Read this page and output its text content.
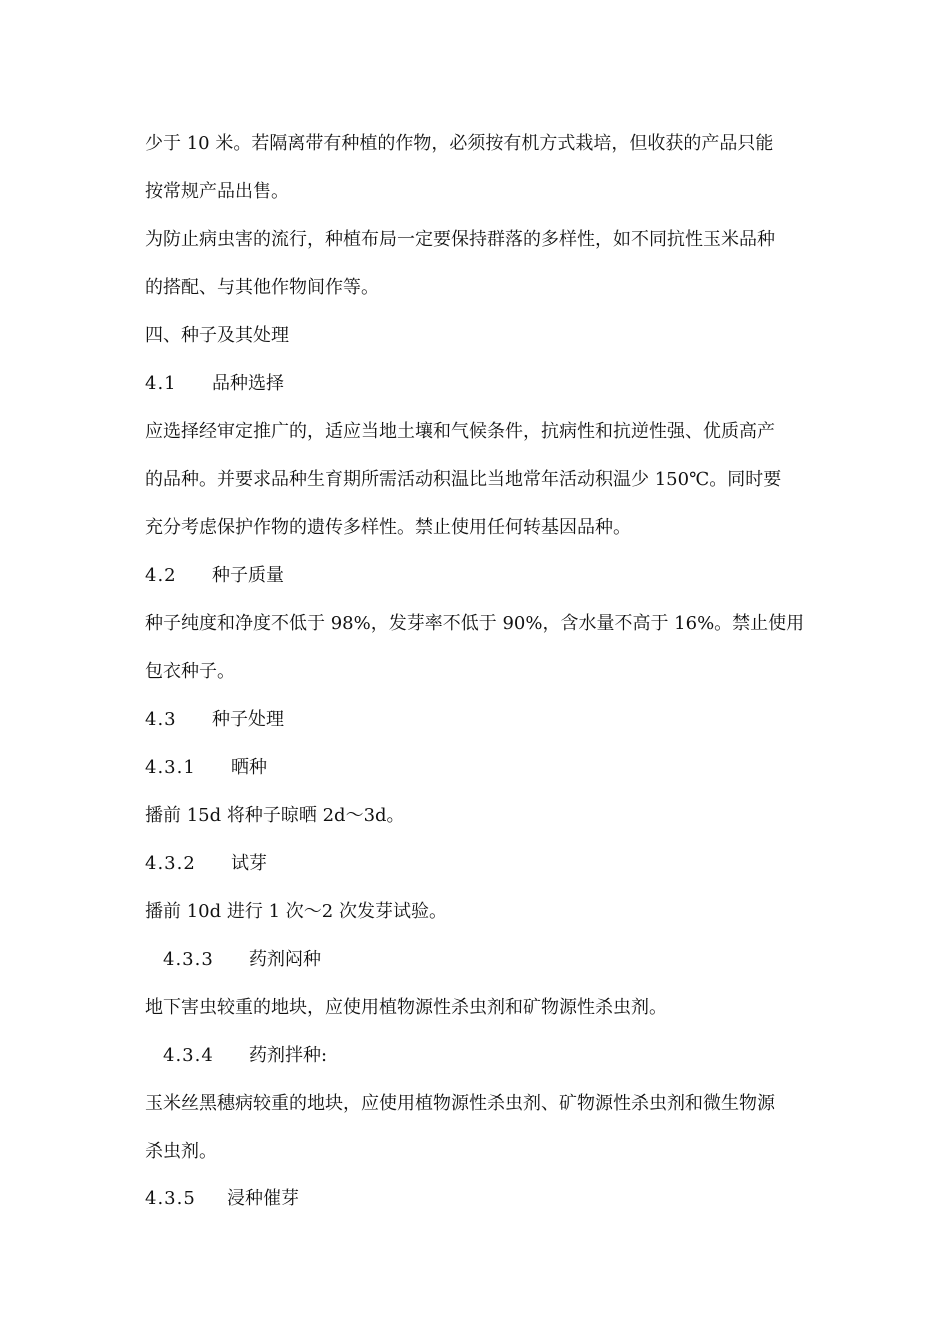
少于 10 米。若隔离带有种植的作物，必须按有机方式栽培，但收获的产品只能
按常规产品出售。
为防止病虫害的流行，种植布局一定要保持群落的多样性，如不同抗性玉米品种
的搭配、与其他作物间作等。
四、种子及其处理
4.1 品种选择
应选择经审定推广的，适应当地土壤和气候条件，抗病性和抗逆性强、优质高产
的品种。并要求品种生育期所需活动积温比当地常年活动积温少 150℃。同时要
充分考虑保护作物的遗传多样性。禁止使用任何转基因品种。
4.2 种子质量
种子纯度和净度不低于 98%，发芽率不低于 90%，含水量不高于 16%。禁止使用
包衣种子。
4.3 种子处理
4.3.1 晒种
播前 15d 将种子晾晒 2d～3d。
4.3.2 试芽
播前 10d 进行 1 次～2 次发芽试验。
4.3.3 药剂闷种
地下害虫较重的地块，应使用植物源性杀虫剂和矿物源性杀虫剂。
4.3.4 药剂拌种:
玉米丝黑穗病较重的地块，应使用植物源性杀虫剂、矿物源性杀虫剂和微生物源
杀虫剂。
4.3.5 浸种催芽
